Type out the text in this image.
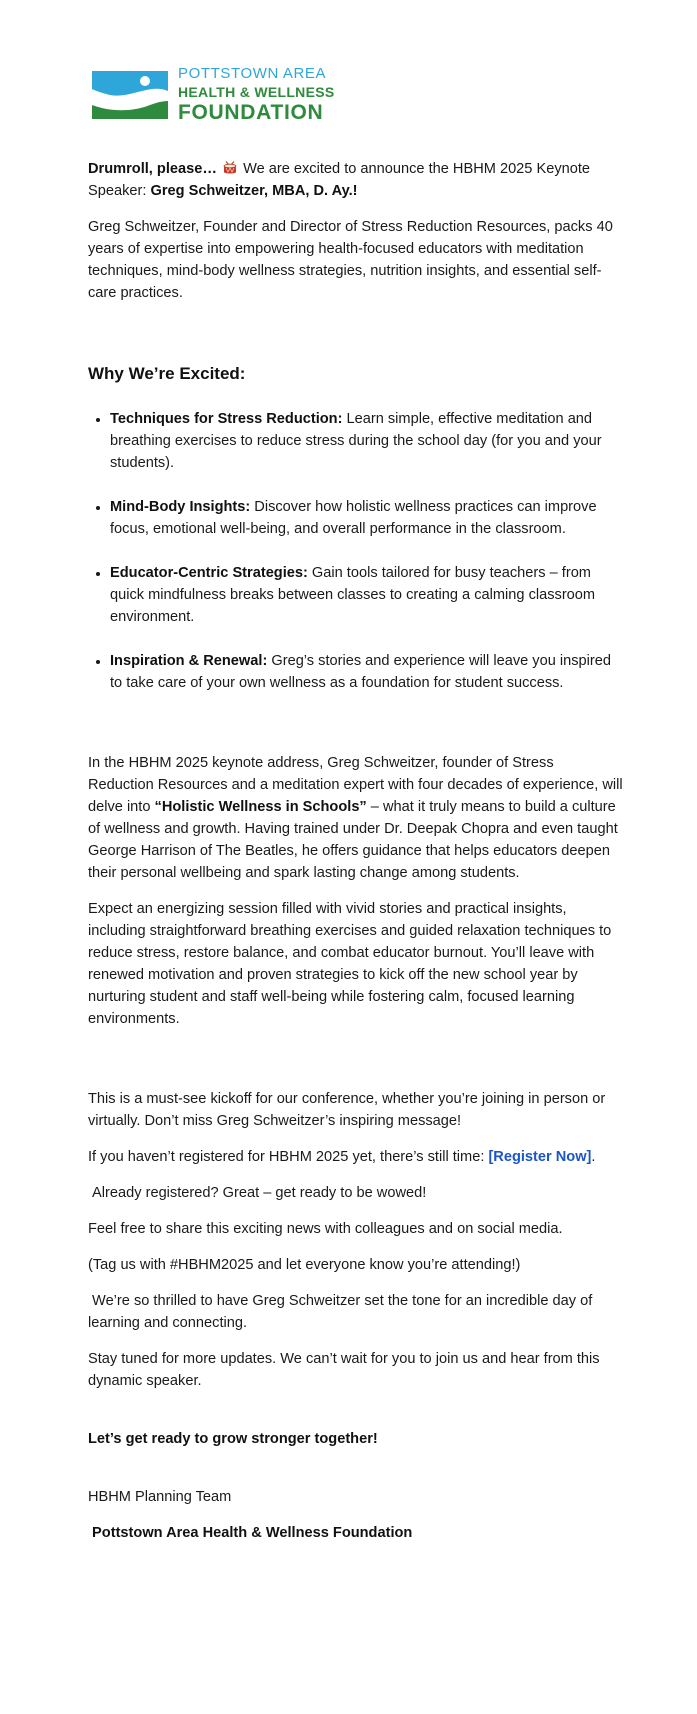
POTTSTOWN AREA
HEALTH & WELLNESS
FOUNDATION

Drumroll, please…  We are excited to announce the HBHM 2025 Keynote Speaker: Greg Schweitzer, MBA, D. Ay.!

Greg Schweitzer, Founder and Director of Stress Reduction Resources, packs 40 years of expertise into empowering health-focused educators with meditation techniques, mind-body wellness strategies, nutrition insights, and essential self-care practices.

Why We’re Excited:
• Techniques for Stress Reduction: Learn simple, effective meditation and breathing exercises to reduce stress during the school day (for you and your students).
• Mind-Body Insights: Discover how holistic wellness practices can improve focus, emotional well-being, and overall performance in the classroom.
• Educator-Centric Strategies: Gain tools tailored for busy teachers – from quick mindfulness breaks between classes to creating a calming classroom environment.
• Inspiration & Renewal: Greg’s stories and experience will leave you inspired to take care of your own wellness as a foundation for student success.

In the HBHM 2025 keynote address, Greg Schweitzer, founder of Stress Reduction Resources and a meditation expert with four decades of experience, will delve into “Holistic Wellness in Schools” – what it truly means to build a culture of wellness and growth. Having trained under Dr. Deepak Chopra and even taught George Harrison of The Beatles, he offers guidance that helps educators deepen their personal wellbeing and spark lasting change among students.

Expect an energizing session filled with vivid stories and practical insights, including straightforward breathing exercises and guided relaxation techniques to reduce stress, restore balance, and combat educator burnout. You’ll leave with renewed motivation and proven strategies to kick off the new school year by nurturing student and staff well-being while fostering calm, focused learning environments.

This is a must-see kickoff for our conference, whether you’re joining in person or virtually. Don’t miss Greg Schweitzer’s inspiring message!

If you haven’t registered for HBHM 2025 yet, there’s still time: [Register Now].

Already registered? Great – get ready to be wowed!

Feel free to share this exciting news with colleagues and on social media.

(Tag us with #HBHM2025 and let everyone know you’re attending!)

We’re so thrilled to have Greg Schweitzer set the tone for an incredible day of learning and connecting.

Stay tuned for more updates. We can’t wait for you to join us and hear from this dynamic speaker.

Let’s get ready to grow stronger together!

HBHM Planning Team

Pottstown Area Health & Wellness Foundation
